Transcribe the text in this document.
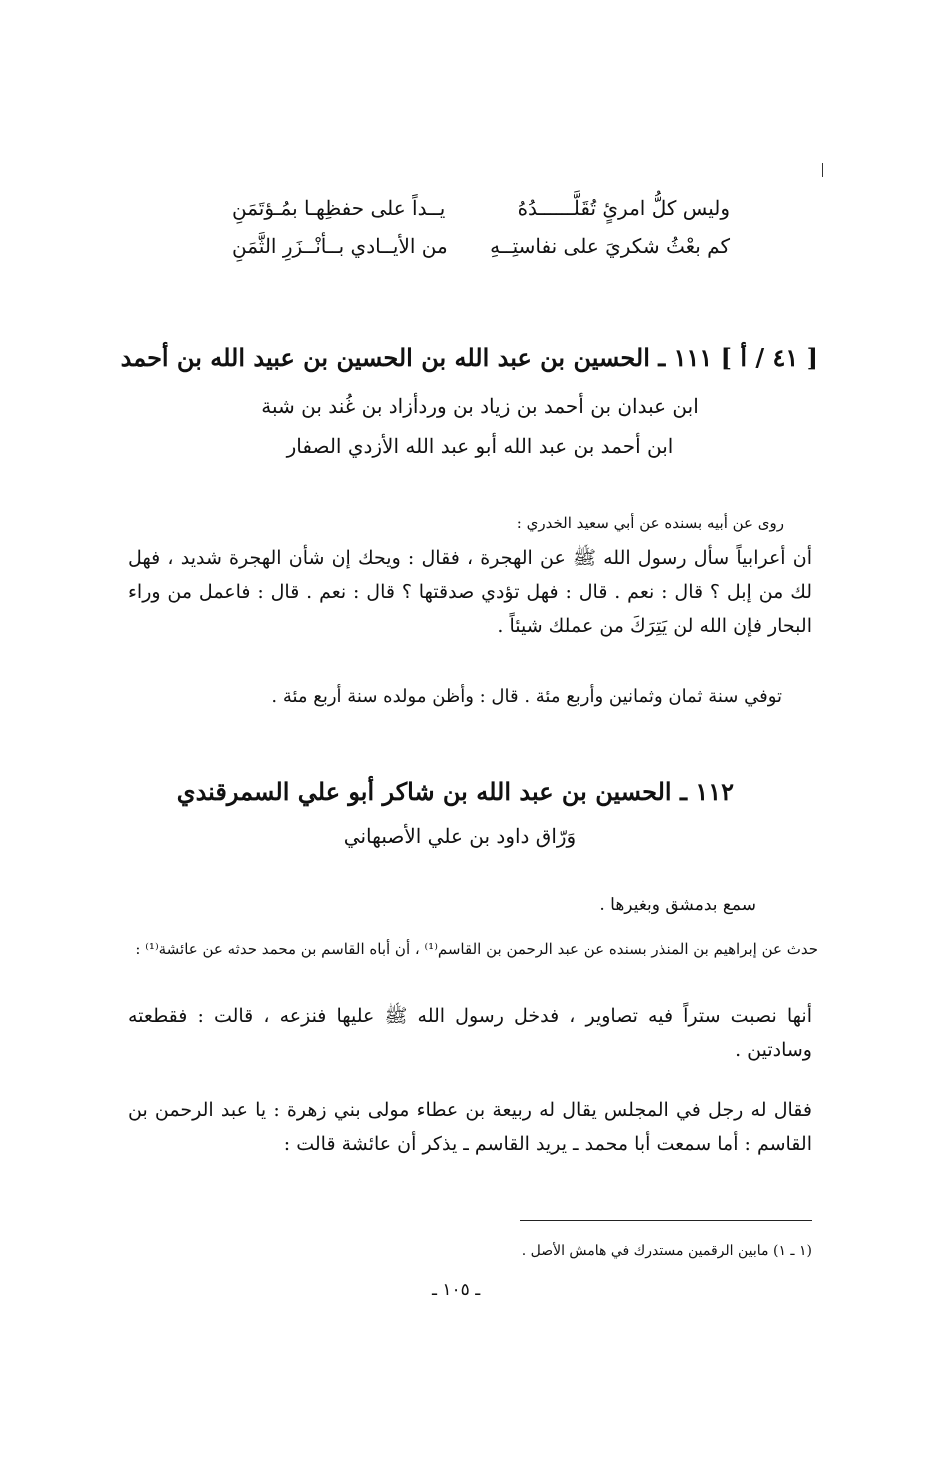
وليس كلُّ امرئٍ تُقَلَّــــــدُهُ
يــداً على حفظِهـا بمُـؤتَمَنِ
كم بعْثُ شكريَ على نفاستِــهِ
من الأيــادي بــأنْــزَرِ الثَّمَنِ
[ ٤١ / أ ] ١١١ ـ الحسين بن عبد الله بن الحسين بن عبيد الله بن أحمد
ابن عبدان بن أحمد بن زياد بن وردأزاد بن غُند بن شبة
ابن أحمد بن عبد الله أبو عبد الله الأزدي الصفار
روى عن أبيه بسنده عن أبي سعيد الخدري :
أن أعرابياً سأل رسول الله ﷺ عن الهجرة ، فقال : ويحك إن شأن الهجرة شديد ، فهل لك من إبل ؟ قال : نعم . قال : فهل تؤدي صدقتها ؟ قال : نعم . قال : فاعمل من وراء البحار فإن الله لن يَتِرَكَ من عملك شيئاً .
توفي سنة ثمان وثمانين وأربع مئة . قال : وأظن مولده سنة أربع مئة .
١١٢ ـ الحسين بن عبد الله بن شاكر أبو علي السمرقندي
وَرّاق داود بن علي الأصبهاني
سمع بدمشق وبغيرها .
حدث عن إبراهيم بن المنذر بسنده عن عبد الرحمن بن القاسم⁽¹⁾ ، أن أباه القاسم بن محمد حدثه عن عائشة⁽¹⁾ :
أنها نصبت ستراً فيه تصاوير ، فدخل رسول الله ﷺ عليها فنزعه ، قالت : فقطعته وسادتين .
فقال له رجل في المجلس يقال له ربيعة بن عطاء مولى بني زهرة : يا عبد الرحمن بن القاسم : أما سمعت أبا محمد ـ يريد القاسم ـ يذكر أن عائشة قالت :
(١ ـ ١) مابين الرقمين مستدرك في هامش الأصل .
ـ ١٠٥ ـ
